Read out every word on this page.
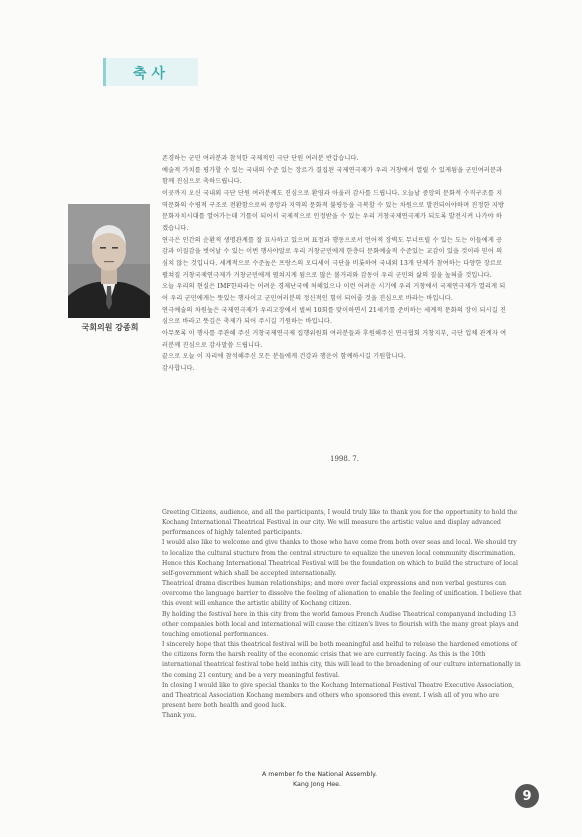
축사
국회의원 강종희

존경하는 군민 여러분과 참석한 국제적인 극단 단원 여러분 반갑습니다.

예술적 가치를 평가할 수 있는 국내의 수준 있는 장르가 결집된 국제연극제가 우리 거창에서 열릴 수 있게됨을 군민여러분과 함께 진심으로 축하드립니다.

이곳까지 오신 국내외 극단 단원 여러분께도 진심으로 환영과 아울러 감사를 드립니다. 오늘날 중앙의 문화적 수직구조를 지역문화의 수평적 구조로 전환함으로써 중앙과 지역의 문화적 불평등을 극복할 수 있는 차원으로 발전되어야하며 진정한 지방문화자치시대를 열어가는데 기틀이 되어서 국제적으로 인정받을 수 있는 우리 거창국제연극제가 되도록 발전시켜 나가야 하겠습니다.

연극은 인간의 순환적 생명관계를 잘 묘사하고 있으며 표정과 행동으로서 언어적 장벽도 무너뜨릴 수 있는 도는 이들에게 공감과 이질감을 벗어날 수 있는 이번 행사야말로 우리 거창군민에게 한층더 문화예술적 수준있는 교감이 있을 것이라 믿어 의심치 않는 것입니다. 세계적으로 수준높은 프랑스의 오디세이 극단을 비롯하여 국내외 13개 단체가 참여하는 다양한 장르로 펼쳐질 거창국제연극제가 거창군민에게 펼쳐지게 됨으로 많은 볼거리와 감동이 우리 군민의 삶의 질을 높혀줄 것입니다.

오늘 우리의 현실은 IMF한파라는 어려운 경제난국에 처해있으나 이런 어려운 시기에 우리 거창에서 국제연극제가 열리게 되어 우리 군민에게는 뜻있는 행사이고 군민여러분의 정신적인 힘이 되어줄 것을 진심으로 바라는 바입니다.

연극예술의 차원높은 국제연극제가 우리고장에서 벌써 10회를 맞이하면서 21세기를 준비하는 세계적 문화의 장이 되시길 진심으로 바라고 뜻깊은 축제가 되어 주시길 기원하는 바입니다.

아무쪼록 이 행사를 주관해 주신 거창국제연극제 집행위원회 여러분들과 후원해주신 연극협회 거창지부, 극단 입체 관계자 여러분께 진심으로 감사말씀 드립니다.

끝으로 오늘 이 자리에 참석해주신 모든 분들에게 건강과 행운이 함께하시길 기원합니다.

감사합니다.

1998. 7.

Greeting Citizens, audience, and all the participants, I would truly like to thank you for the opportunity to hold the Kochang International Theatrical Festival in our city. We will measure the artistic value and display advanced performances of highly talented participants.

I would also like to welcome and give thanks to those who have come from both over seas and local. We should try to localize the cultural stucture from the central structure to equalize the uneven local community discrimination. Hence this Kochang International Theatrical Festival will be the foundation on which to build the structure of local self-government which shall be accepted internationally.

Theatrical drama discribes human relationships; and more over facial expressions and non verbal gestures can overcome the language barrier to dissolve the feeling of alienation to enable the feeling of unification. I believe that this event will enhance the artistic ability of Kochang citizen.

By holding the festival here in this city from the world famous French Audise Theatrical companyand including 13 other companies both local and international will cause the citizen's lives to flourish with the many great plays and touching emotional performances.

I sincerely hope that this theatrical festival will be both meaningful and helful to release the hardened emotions of the citizens form the harsh reality of the economic crisis that we are currently facing. As this is the 10th international theatrical festival tobe held inthis city, this will lead to the broadening of our culture internationally in the coming 21 century, and be a very meaningful festival.

In closing I would like to give special thanks to the Kochang International Festival Theatre Executive Association, and Theatrical Association Kochang members and others who sponsored this event. I wish all of you who are present here both health and good luck.

Thank you.

A member fo the National Assembly.
Kang Jong Hee.
9
